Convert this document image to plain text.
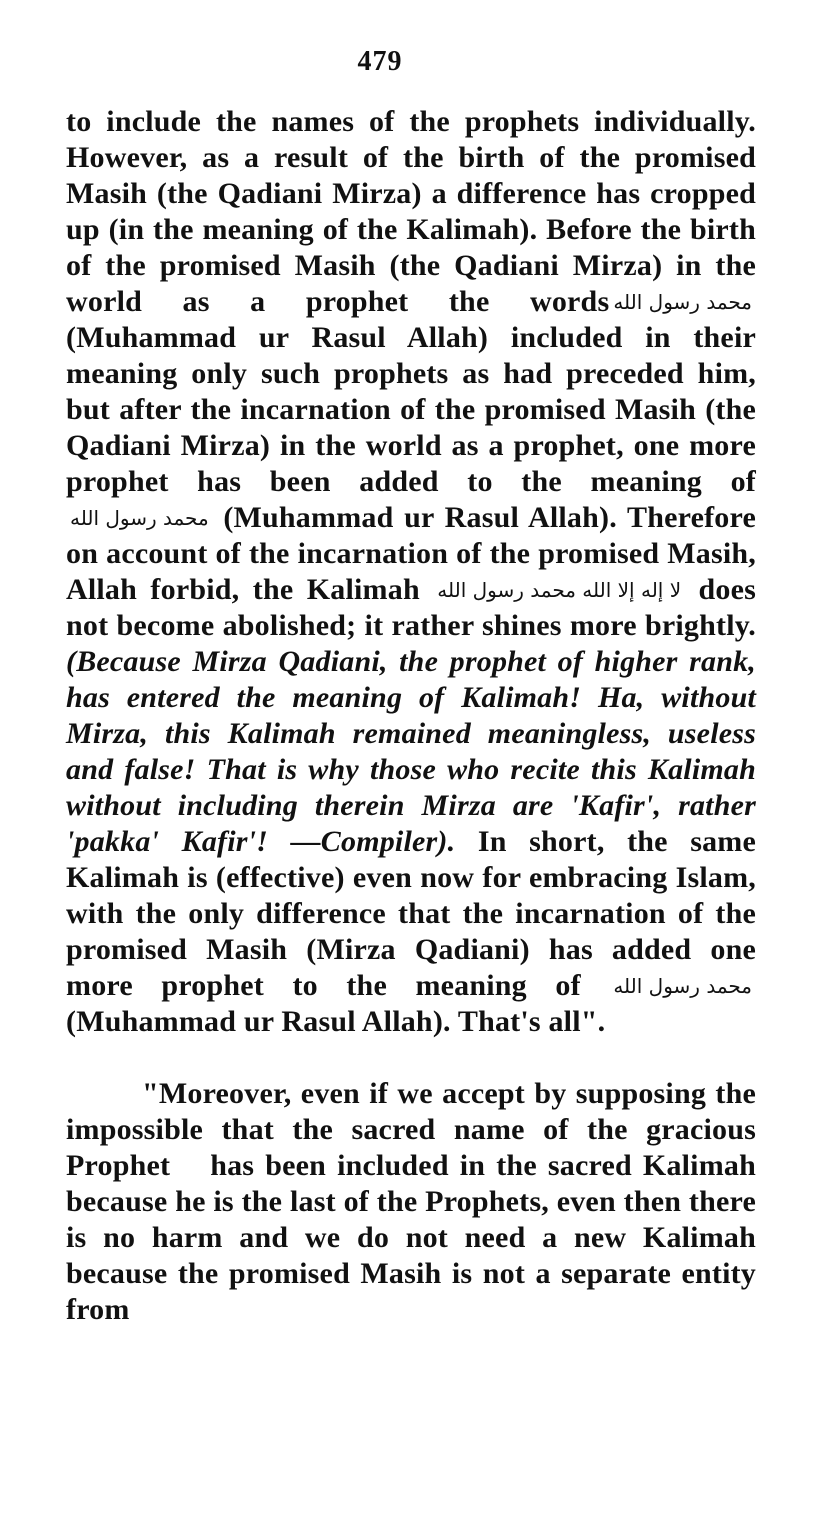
479

to include the names of the prophets individually. However, as a result of the birth of the promised Masih (the Qadiani Mirza) a difference has cropped up (in the meaning of the Kalimah). Before the birth of the promised Masih (the Qadiani Mirza) in the world as a prophet the words محمد رسول الله(Muhammad ur Rasul Allah) included in their meaning only such prophets as had preceded him, but after the incarnation of the promised Masih (the Qadiani Mirza) in the world as a prophet, one more prophet has been added to the meaning of محمد رسول الله (Muhammad ur Rasul Allah). Therefore on account of the incarnation of the promised Masih, Allah forbid, the Kalimah لا إله إلا الله محمد رسول الله does not become abolished; it rather shines more brightly. (Because Mirza Qadiani, the prophet of higher rank, has entered the meaning of Kalimah! Ha, without Mirza, this Kalimah remained meaningless, useless and false! That is why those who recite this Kalimah without including therein Mirza are 'Kafir', rather 'pakka' Kafir'! —Compiler). In short, the same Kalimah is (effective) even now for embracing Islam, with the only difference that the incarnation of the promised Masih (Mirza Qadiani) has added one more prophet to the meaning of محمد رسول الله (Muhammad ur Rasul Allah). That's all".

"Moreover, even if we accept by supposing the impossible that the sacred name of the gracious Prophet has been included in the sacred Kalimah because he is the last of the Prophets, even then there is no harm and we do not need a new Kalimah because the promised Masih is not a separate entity from
